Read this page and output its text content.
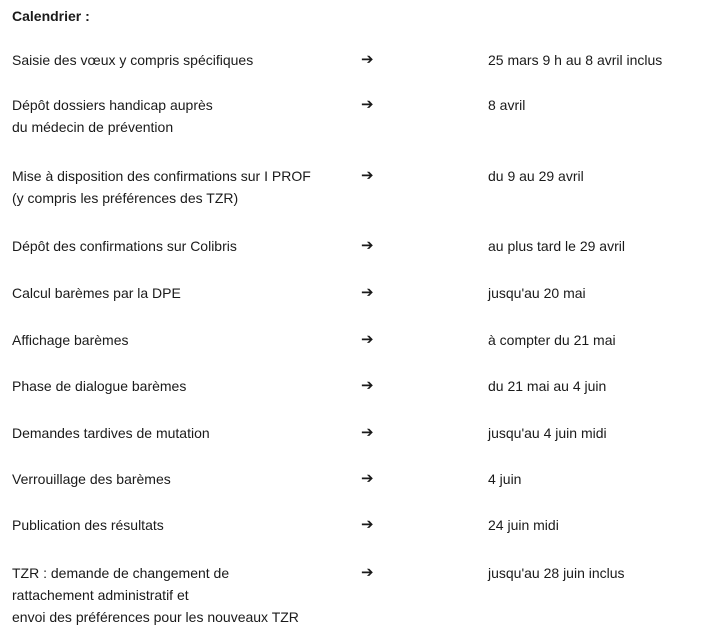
Calendrier :
Saisie des vœux y compris spécifiques	➔	25 mars 9 h au 8 avril inclus
Dépôt dossiers handicap auprès
du médecin de prévention
➔	8 avril
Mise à disposition des confirmations sur I PROF
(y compris les préférences des TZR)
➔	du 9 au 29 avril
Dépôt des confirmations sur Colibris	➔	au plus tard le 29 avril
Calcul barèmes par la DPE	➔	jusqu'au 20 mai
Affichage barèmes	➔	à compter du 21 mai
Phase de dialogue barèmes	➔	du 21 mai au 4 juin
Demandes tardives de mutation	➔	jusqu'au 4 juin midi
Verrouillage des barèmes	➔	4 juin
Publication des résultats	➔	24 juin midi
TZR : demande de changement de
rattachement administratif et
envoi des préférences pour les nouveaux TZR
➔	jusqu'au 28 juin inclus
